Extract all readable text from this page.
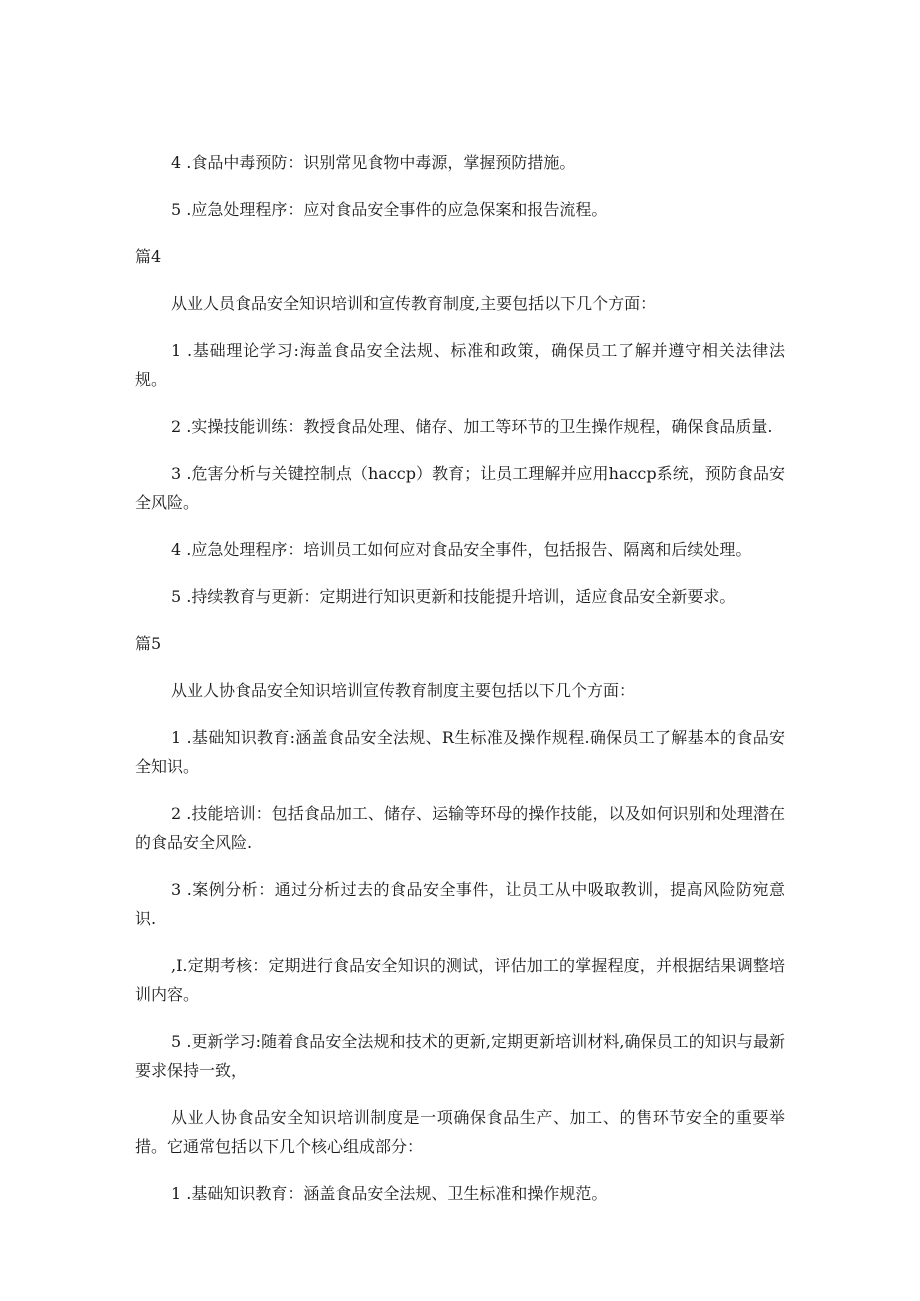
4 .食品中毒预防：识别常见食物中毒源，掌握预防措施。

5 .应急处理程序：应对食品安全事件的应急保案和报告流程。

篇4

从业人员食品安全知识培训和宣传教育制度,主要包括以下几个方面：

1 .基础理论学习:海盖食品安全法规、标准和政策，确保员工了解并遵守相关法律法规。

2 .实操技能训练：教授食品处理、储存、加工等环节的卫生操作规程，确保食品质量.

3 .危害分析与关键控制点（haccp）教育；让员工理解并应用haccp系统，预防食品安全风险。

4 .应急处理程序：培训员工如何应对食品安全事件，包括报告、隔离和后续处理。

5 .持续教育与更新：定期进行知识更新和技能提升培训，适应食品安全新要求。

篇5

从业人协食品安全知识培训宣传教育制度主要包括以下几个方面：

1 .基础知识教育:涵盖食品安全法规、R生标准及操作规程.确保员工了解基本的食品安全知识。

2 .技能培训：包括食品加工、储存、运输等环母的操作技能，以及如何识别和处理潜在的食品安全风险.

3 .案例分析：通过分析过去的食品安全事件，让员工从中吸取教训，提高风险防宛意识.

,I.定期考核：定期进行食品安全知识的测试，评估加工的掌握程度，并根据结果调整培训内容。

5 .更新学习:随着食品安全法规和技术的更新,定期更新培训材料,确保员工的知识与最新要求保持一致，

从业人协食品安全知识培训制度是一项确保食品生产、加工、的售环节安全的重要举措。它通常包括以下几个核心组成部分：

1 .基础知识教育：涵盖食品安全法规、卫生标准和操作规范。
